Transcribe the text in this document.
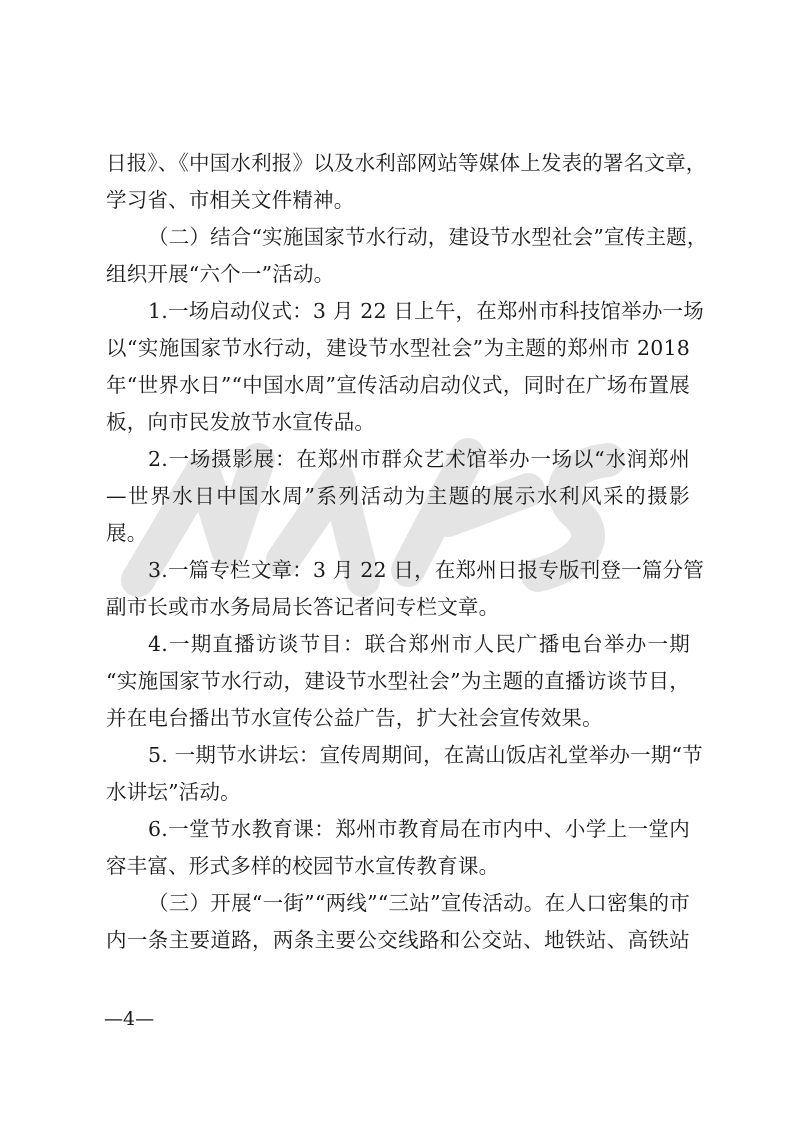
日报》、《中国水利报》以及水利部网站等媒体上发表的署名文章，
学习省、市相关文件精神。
（二）结合“实施国家节水行动，建设节水型社会”宣传主题，
组织开展“六个一”活动。
1.一场启动仪式：3 月 22 日上午，在郑州市科技馆举办一场
以“实施国家节水行动，建设节水型社会”为主题的郑州市 2018
年“世界水日”“中国水周”宣传活动启动仪式，同时在广场布置展
板，向市民发放节水宣传品。
2.一场摄影展：在郑州市群众艺术馆举办一场以“水润郑州
—世界水日中国水周”系列活动为主题的展示水利风采的摄影
展。
3.一篇专栏文章：3 月 22 日，在郑州日报专版刊登一篇分管
副市长或市水务局局长答记者问专栏文章。
4.一期直播访谈节目：联合郑州市人民广播电台举办一期
“实施国家节水行动，建设节水型社会”为主题的直播访谈节目，
并在电台播出节水宣传公益广告，扩大社会宣传效果。
5. 一期节水讲坛：宣传周期间，在嵩山饭店礼堂举办一期“节
水讲坛”活动。
6.一堂节水教育课：郑州市教育局在市内中、小学上一堂内
容丰富、形式多样的校园节水宣传教育课。
（三）开展“一街”“两线”“三站”宣传活动。在人口密集的市
内一条主要道路，两条主要公交线路和公交站、地铁站、高铁站
—4—
